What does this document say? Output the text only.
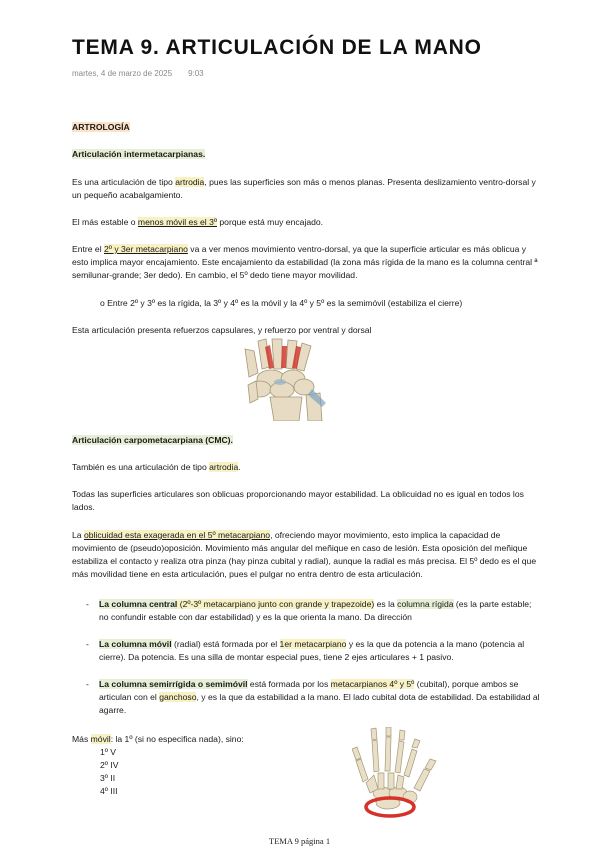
TEMA 9. ARTICULACIÓN DE LA MANO
martes, 4 de marzo de 2025 9:03
ARTROLOGÍA
Articulación intermetacarpianas.
Es una articulación de tipo artrodia, pues las superficies son más o menos planas. Presenta deslizamiento ventro-dorsal y un pequeño acabalgamiento.
El más estable o menos móvil es el 3º porque está muy encajado.
Entre el 2º y 3er metacarpiano va a ver menos movimiento ventro-dorsal, ya que la superficie articular es más oblicua y esto implica mayor encajamiento. Este encajamiento da estabilidad (la zona más rígida de la mano es la columna central ª semilunar-grande; 3er dedo). En cambio, el 5º dedo tiene mayor movilidad.
o Entre 2º y 3º es la rígida, la 3º y 4º es la móvil y la 4º y 5º es la semimóvil (estabiliza el cierre)
Esta articulación presenta refuerzos capsulares, y refuerzo por ventral y dorsal
Articulación carpometacarpiana (CMC).
También es una articulación de tipo artrodia.
Todas las superficies articulares son oblicuas proporcionando mayor estabilidad. La oblicuidad no es igual en todos los lados.
La oblicuidad esta exagerada en el 5º metacarpiano, ofreciendo mayor movimiento, esto implica la capacidad de movimiento de (pseudo)oposición. Movimiento más angular del meñique en caso de lesión. Esta oposición del meñique estabiliza el contacto y realiza otra pinza (hay pinza cubital y radial), aunque la radial es más precisa. El 5º dedo es el que más movilidad tiene en esta articulación, pues el pulgar no entra dentro de esta articulación.
- La columna central (2º-3º metacarpiano junto con grande y trapezoide) es la columna rígida (es la parte estable; no confundir estable con dar estabilidad) y es la que orienta la mano. Da dirección
- La columna móvil (radial) está formada por el 1er metacarpiano y es la que da potencia a la mano (potencia al cierre). Da potencia. Es una silla de montar especial pues, tiene 2 ejes articulares + 1 pasivo.
- La columna semirrígida o semimóvil está formada por los metacarpianos 4º y 5º (cubital), porque ambos se articulan con el ganchoso, y es la que da estabilidad a la mano. El lado cubital dota de estabilidad. Da estabilidad al agarre.
Más móvil: la 1º (si no especifica nada), sino:
1º V
2º IV
3º II
4º III
TEMA 9 página 1
